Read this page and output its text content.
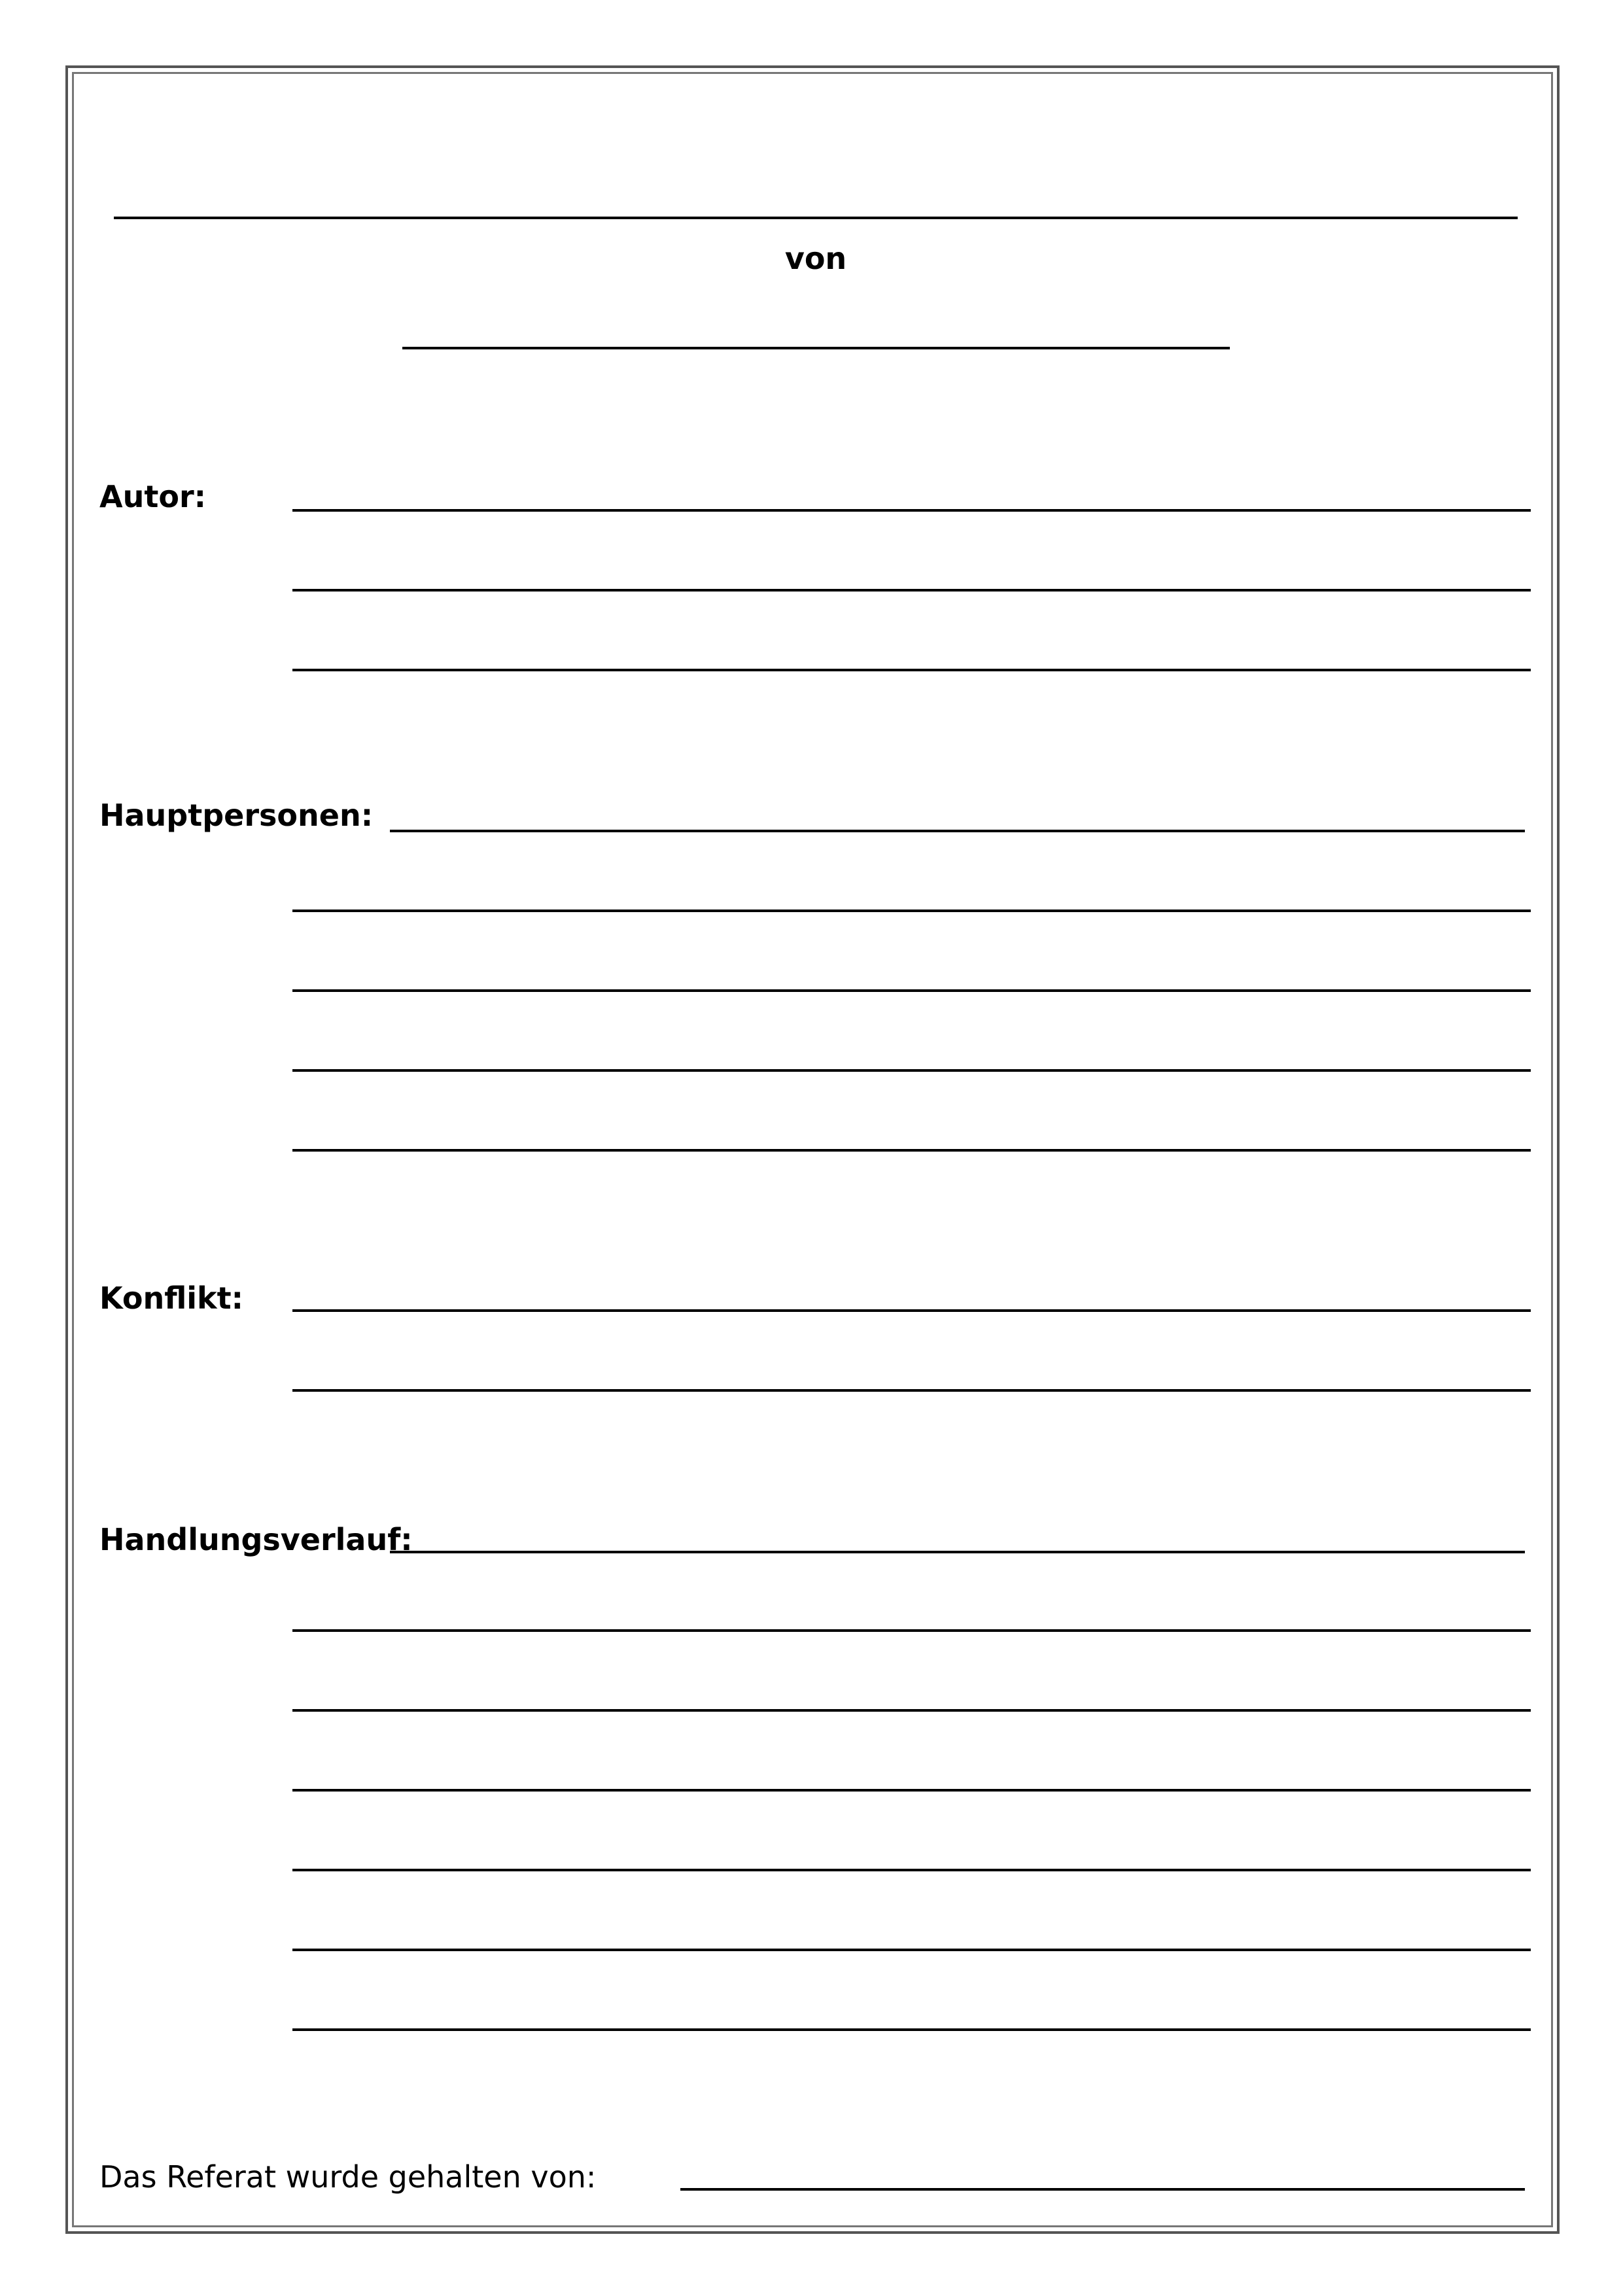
von
Autor:
Hauptpersonen:
Konflikt:
Handlungsverlauf:
Das Referat wurde gehalten von:
